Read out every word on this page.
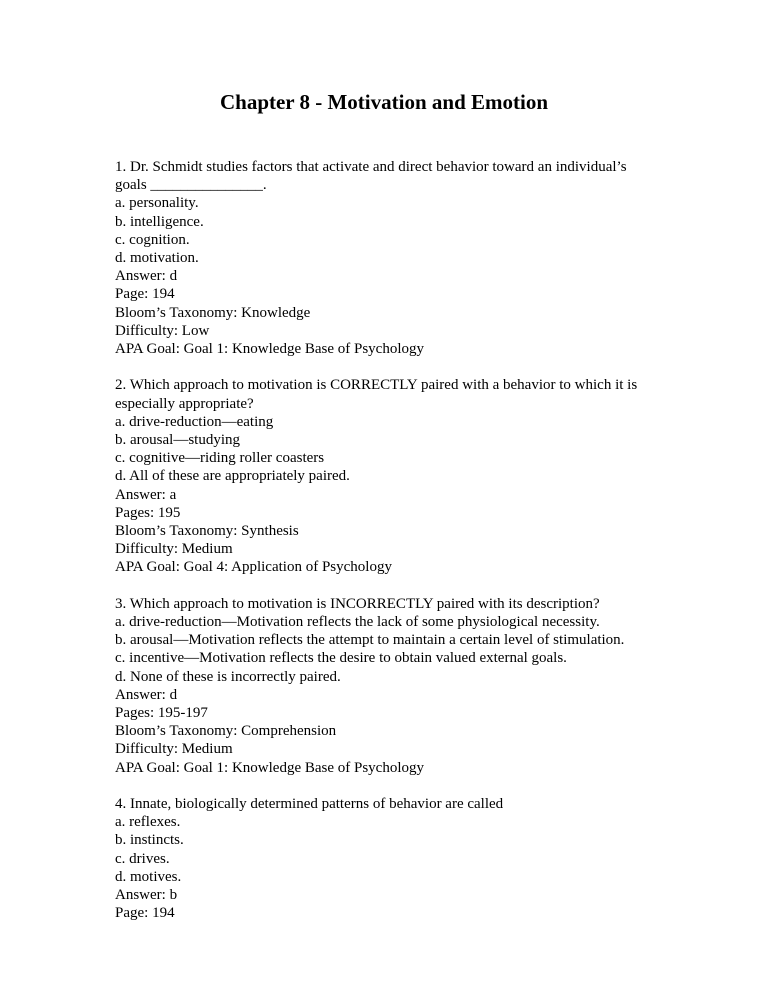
Chapter 8 - Motivation and Emotion
1. Dr. Schmidt studies factors that activate and direct behavior toward an individual’s
goals _______________.
a. personality.
b. intelligence.
c. cognition.
d. motivation.
Answer: d
Page: 194
Bloom’s Taxonomy: Knowledge
Difficulty: Low
APA Goal: Goal 1: Knowledge Base of Psychology
2. Which approach to motivation is CORRECTLY paired with a behavior to which it is
especially appropriate?
a. drive-reduction—eating
b. arousal—studying
c. cognitive—riding roller coasters
d. All of these are appropriately paired.
Answer: a
Pages: 195
Bloom’s Taxonomy: Synthesis
Difficulty: Medium
APA Goal: Goal 4: Application of Psychology
3. Which approach to motivation is INCORRECTLY paired with its description?
a. drive-reduction—Motivation reflects the lack of some physiological necessity.
b. arousal—Motivation reflects the attempt to maintain a certain level of stimulation.
c. incentive—Motivation reflects the desire to obtain valued external goals.
d. None of these is incorrectly paired.
Answer: d
Pages: 195-197
Bloom’s Taxonomy: Comprehension
Difficulty: Medium
APA Goal: Goal 1: Knowledge Base of Psychology
4. Innate, biologically determined patterns of behavior are called
a. reflexes.
b. instincts.
c. drives.
d. motives.
Answer: b
Page: 194
